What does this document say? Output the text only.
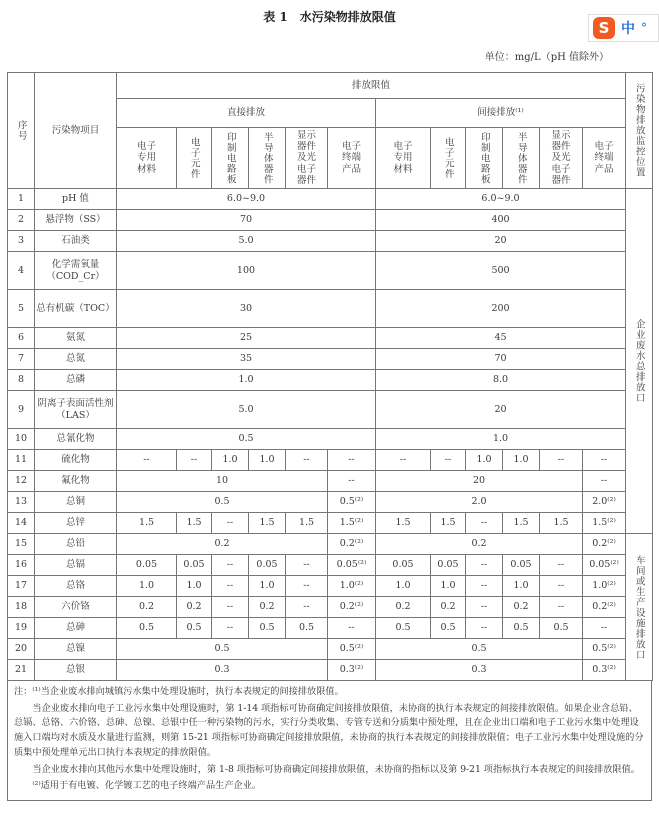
表 1　水污染物排放限值
单位：mg/L（pH 值除外）
序号	污染物项目	排放限值												污染物排放监控位置

		直接排放						间接排放⁽¹⁾						

		电子专用材料	电子元件	印制电路板	半导体器件	显示器件及光电子器件	电子终端产品	电子专用材料	电子元件	印制电路板	半导体器件	显示器件及光电子器件	电子终端产品	

1	pH 值	6.0~9.0						6.0~9.0						企业废水总排放口

2	悬浮物（SS）	70						400						
3	石油类	5.0						20						
4	化学需氧量（COD_Cr）	100						500						
5	总有机碳（TOC）	30						200						
6	氨氮	25						45						
7	总氮	35						70						
8	总磷	1.0						8.0						
9	阴离子表面活性剂（LAS）	5.0						20						
10	总氰化物	0.5						1.0						
11	硫化物	--	--	1.0	1.0	--	--	--	--	1.0	1.0	--	--	
12	氟化物	10					--	20					--	
13	总铜	0.5					0.5⁽²⁾	2.0					2.0⁽²⁾	
14	总锌	1.5	1.5	--	1.5	1.5	1.5⁽²⁾	1.5	1.5	--	1.5	1.5	1.5⁽²⁾	
15	总铅	0.2					0.2⁽²⁾	0.2					0.2⁽²⁾	车间或生产设施排放口

16	总镉	0.05	0.05	--	0.05	--	0.05⁽²⁾	0.05	0.05	--	0.05	--	0.05⁽²⁾	
17	总铬	1.0	1.0	--	1.0	--	1.0⁽²⁾	1.0	1.0	--	1.0	--	1.0⁽²⁾	
18	六价铬	0.2	0.2	--	0.2	--	0.2⁽²⁾	0.2	0.2	--	0.2	--	0.2⁽²⁾	
19	总砷	0.5	0.5	--	0.5	0.5	--	0.5	0.5	--	0.5	0.5	--	
20	总镍	0.5					0.5⁽²⁾	0.5					0.5⁽²⁾	
21	总银	0.3					0.3⁽²⁾	0.3					0.3⁽²⁾	

注：⁽¹⁾当企业废水排向城镇污水集中处理设施时，执行本表规定的间接排放限值。

当企业废水排向电子工业污水集中处理设施时，第 1-14 项指标可协商确定间接排放限值，未协商的执行本表规定的间接排放限值。如果企业含总铅、总镉、总铬、六价铬、总砷、总镍、总银中任一种污染物的污水，实行分类收集、专管专送和分质集中预处理，且在企业出口端和电子工业污水集中处理设施入口端均对水质及水量进行监测，则第 15-21 项指标可协商确定间接排放限值，未协商的执行本表规定的间接排放限值；电子工业污水集中处理设施的分质集中预处理单元出口执行本表规定的排放限值。

当企业废水排向其他污水集中处理设施时，第 1-8 项指标可协商确定间接排放限值，未协商的指标以及第 9-21 项指标执行本表规定的间接排放限值。

⁽²⁾适用于有电镀、化学镀工艺的电子终端产品生产企业。

S 中 °
